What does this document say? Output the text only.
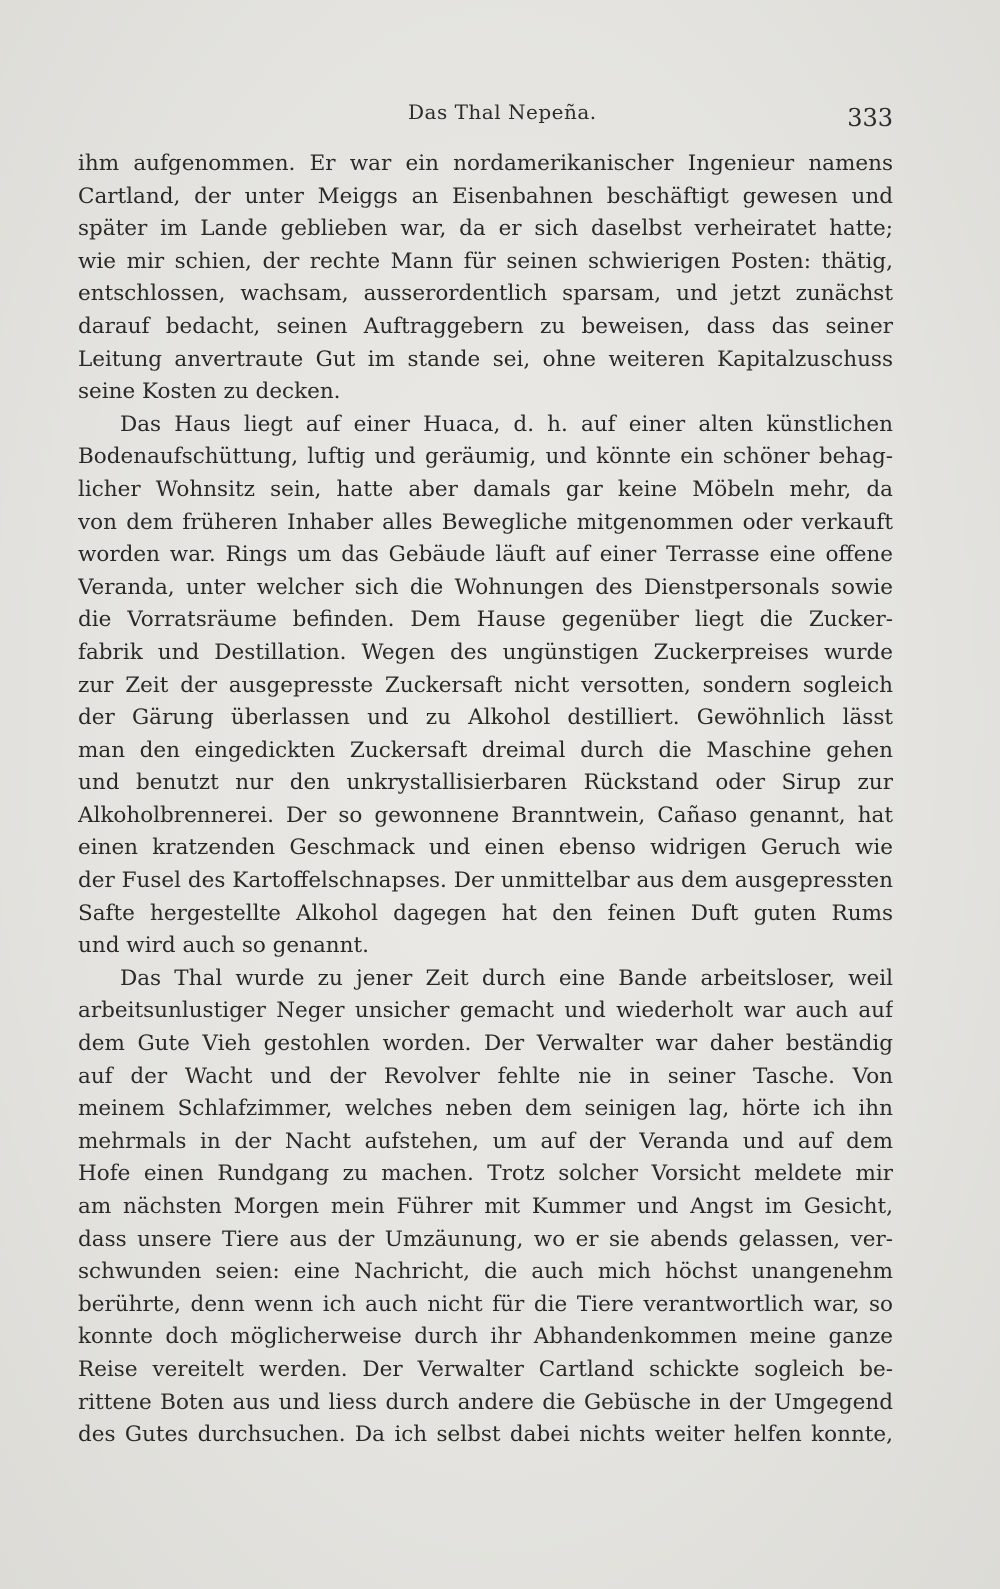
Das Thal Nepeña.	333
ihm aufgenommen. Er war ein nordamerikanischer Ingenieur namens
Cartland, der unter Meiggs an Eisenbahnen beschäftigt gewesen und
später im Lande geblieben war, da er sich daselbst verheiratet hatte;
wie mir schien, der rechte Mann für seinen schwierigen Posten: thätig,
entschlossen, wachsam, ausserordentlich sparsam, und jetzt zunächst
darauf bedacht, seinen Auftraggebern zu beweisen, dass das seiner
Leitung anvertraute Gut im stande sei, ohne weiteren Kapitalzuschuss
seine Kosten zu decken.
Das Haus liegt auf einer Huaca, d. h. auf einer alten künstlichen
Bodenaufschüttung, luftig und geräumig, und könnte ein schöner behag-
licher Wohnsitz sein, hatte aber damals gar keine Möbeln mehr, da
von dem früheren Inhaber alles Bewegliche mitgenommen oder verkauft
worden war. Rings um das Gebäude läuft auf einer Terrasse eine offene
Veranda, unter welcher sich die Wohnungen des Dienstpersonals sowie
die Vorratsräume befinden. Dem Hause gegenüber liegt die Zucker-
fabrik und Destillation. Wegen des ungünstigen Zuckerpreises wurde
zur Zeit der ausgepresste Zuckersaft nicht versotten, sondern sogleich
der Gärung überlassen und zu Alkohol destilliert. Gewöhnlich lässt
man den eingedickten Zuckersaft dreimal durch die Maschine gehen
und benutzt nur den unkrystallisierbaren Rückstand oder Sirup zur
Alkoholbrennerei. Der so gewonnene Branntwein, Cañaso genannt, hat
einen kratzenden Geschmack und einen ebenso widrigen Geruch wie
der Fusel des Kartoffelschnapses. Der unmittelbar aus dem ausgepressten
Safte hergestellte Alkohol dagegen hat den feinen Duft guten Rums
und wird auch so genannt.
Das Thal wurde zu jener Zeit durch eine Bande arbeitsloser, weil
arbeitsunlustiger Neger unsicher gemacht und wiederholt war auch auf
dem Gute Vieh gestohlen worden. Der Verwalter war daher beständig
auf der Wacht und der Revolver fehlte nie in seiner Tasche. Von
meinem Schlafzimmer, welches neben dem seinigen lag, hörte ich ihn
mehrmals in der Nacht aufstehen, um auf der Veranda und auf dem
Hofe einen Rundgang zu machen. Trotz solcher Vorsicht meldete mir
am nächsten Morgen mein Führer mit Kummer und Angst im Gesicht,
dass unsere Tiere aus der Umzäunung, wo er sie abends gelassen, ver-
schwunden seien: eine Nachricht, die auch mich höchst unangenehm
berührte, denn wenn ich auch nicht für die Tiere verantwortlich war, so
konnte doch möglicherweise durch ihr Abhandenkommen meine ganze
Reise vereitelt werden. Der Verwalter Cartland schickte sogleich be-
rittene Boten aus und liess durch andere die Gebüsche in der Umgegend
des Gutes durchsuchen. Da ich selbst dabei nichts weiter helfen konnte,
